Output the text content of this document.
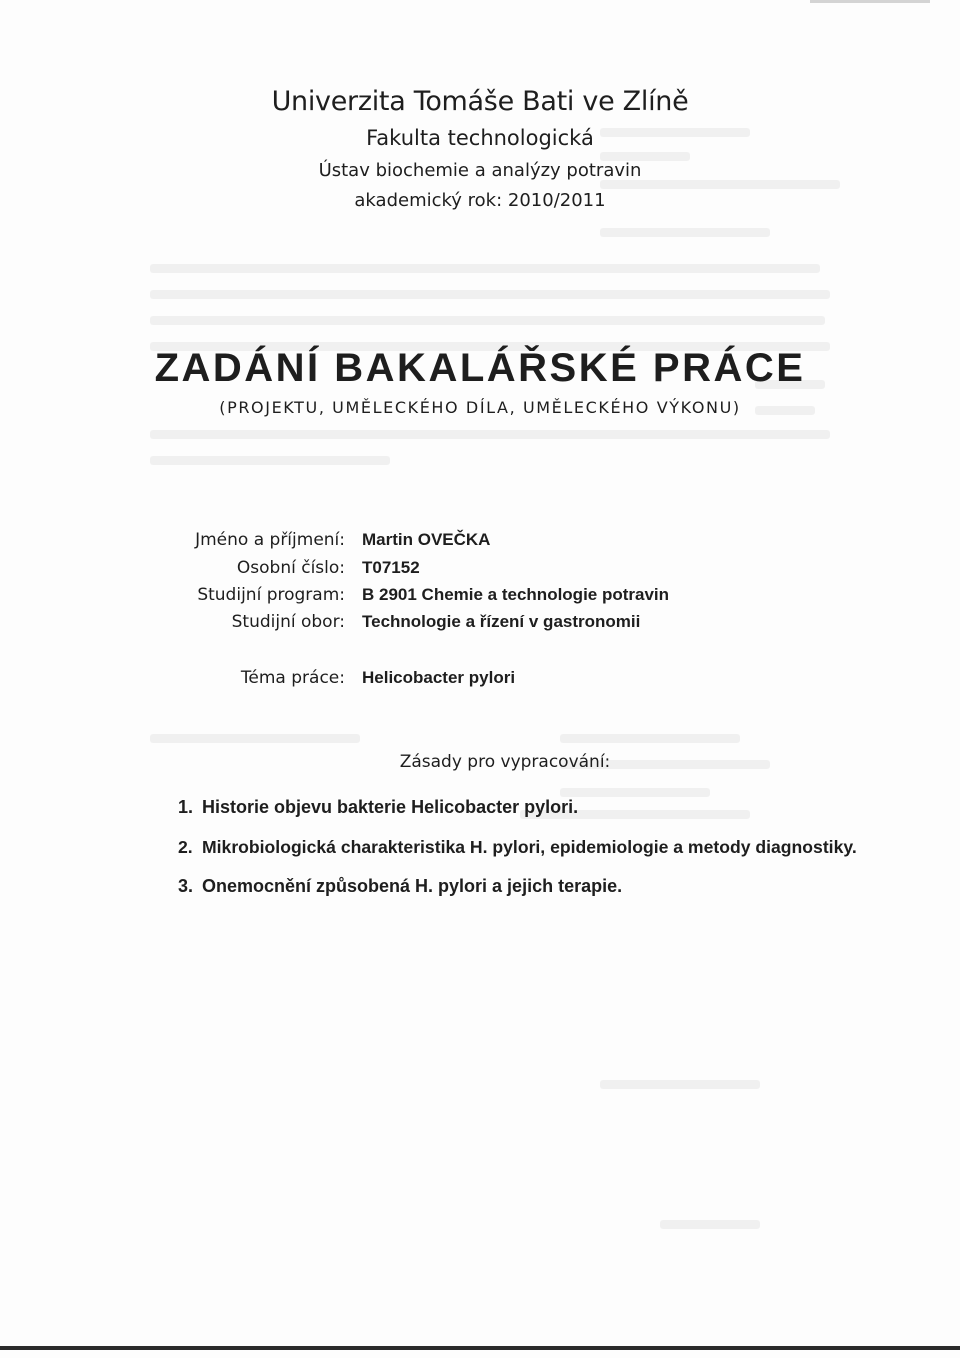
Univerzita Tomáše Bati ve Zlíně
Fakulta technologická
Ústav biochemie a analýzy potravin
akademický rok: 2010/2011
ZADÁNÍ BAKALÁŘSKÉ PRÁCE
(PROJEKTU, UMĚLECKÉHO DÍLA, UMĚLECKÉHO VÝKONU)
Jméno a příjmení: Martin OVEČKA
Osobní číslo: T07152
Studijní program: B 2901 Chemie a technologie potravin
Studijní obor: Technologie a řízení v gastronomii
Téma práce: Helicobacter pylori
Zásady pro vypracování:
1. Historie objevu bakterie Helicobacter pylori.
2. Mikrobiologická charakteristika H. pylori, epidemiologie a metody diagnostiky.
3. Onemocnění způsobená H. pylori a jejich terapie.
